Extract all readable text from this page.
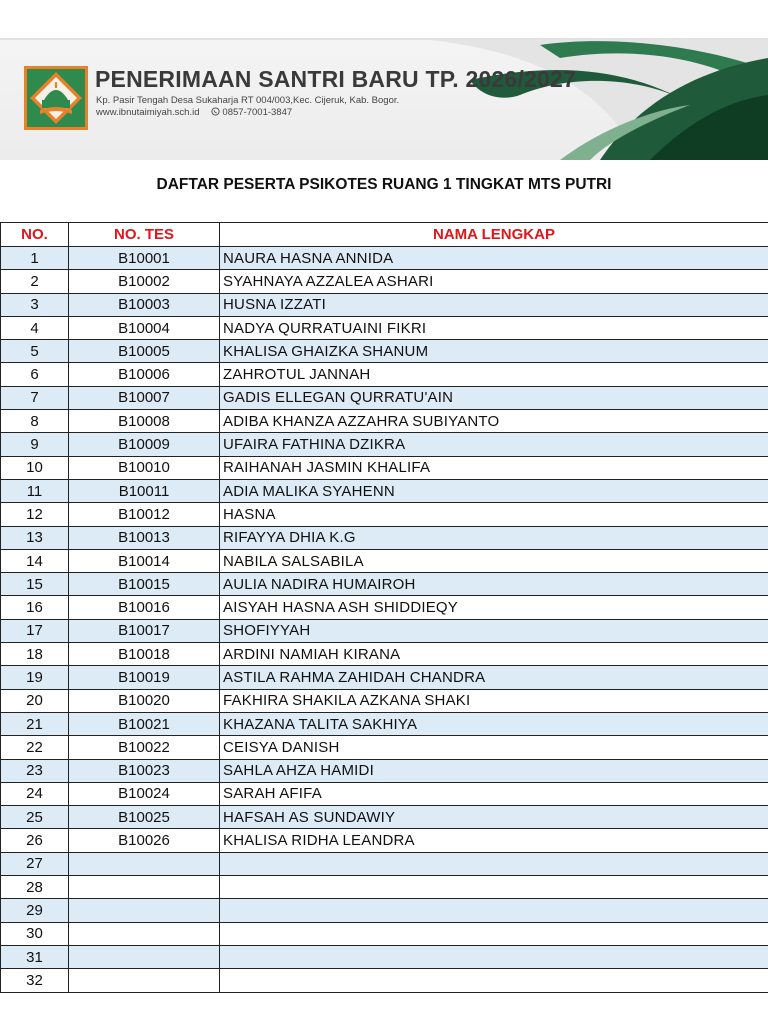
PENERIMAAN SANTRI BARU TP. 2026/2027
Kp. Pasir Tengah Desa Sukaharja RT 004/003,Kec. Cijeruk, Kab. Bogor.
www.ibnutaimiyah.sch.id 0857-7001-3847
DAFTAR PESERTA PSIKOTES RUANG 1 TINGKAT MTS PUTRI
NO.	NO. TES	NAMA LENGKAP
1	B10001	NAURA HASNA ANNIDA
2	B10002	SYAHNAYA AZZALEA ASHARI
3	B10003	HUSNA IZZATI
4	B10004	NADYA QURRATUAINI FIKRI
5	B10005	KHALISA GHAIZKA SHANUM
6	B10006	ZAHROTUL JANNAH
7	B10007	GADIS ELLEGAN QURRATU'AIN
8	B10008	ADIBA KHANZA AZZAHRA SUBIYANTO
9	B10009	UFAIRA FATHINA DZIKRA
10	B10010	RAIHANAH JASMIN KHALIFA
11	B10011	ADIA MALIKA SYAHENN
12	B10012	HASNA
13	B10013	RIFAYYA DHIA K.G
14	B10014	NABILA SALSABILA
15	B10015	AULIA NADIRA HUMAIROH
16	B10016	AISYAH HASNA ASH SHIDDIEQY
17	B10017	SHOFIYYAH
18	B10018	ARDINI NAMIAH KIRANA
19	B10019	ASTILA RAHMA ZAHIDAH CHANDRA
20	B10020	FAKHIRA SHAKILA AZKANA SHAKI
21	B10021	KHAZANA TALITA SAKHIYA
22	B10022	CEISYA DANISH
23	B10023	SAHLA AHZA HAMIDI
24	B10024	SARAH AFIFA
25	B10025	HAFSAH AS SUNDAWIY
26	B10026	KHALISA RIDHA LEANDRA
27		
28		
29		
30		
31		
32		
